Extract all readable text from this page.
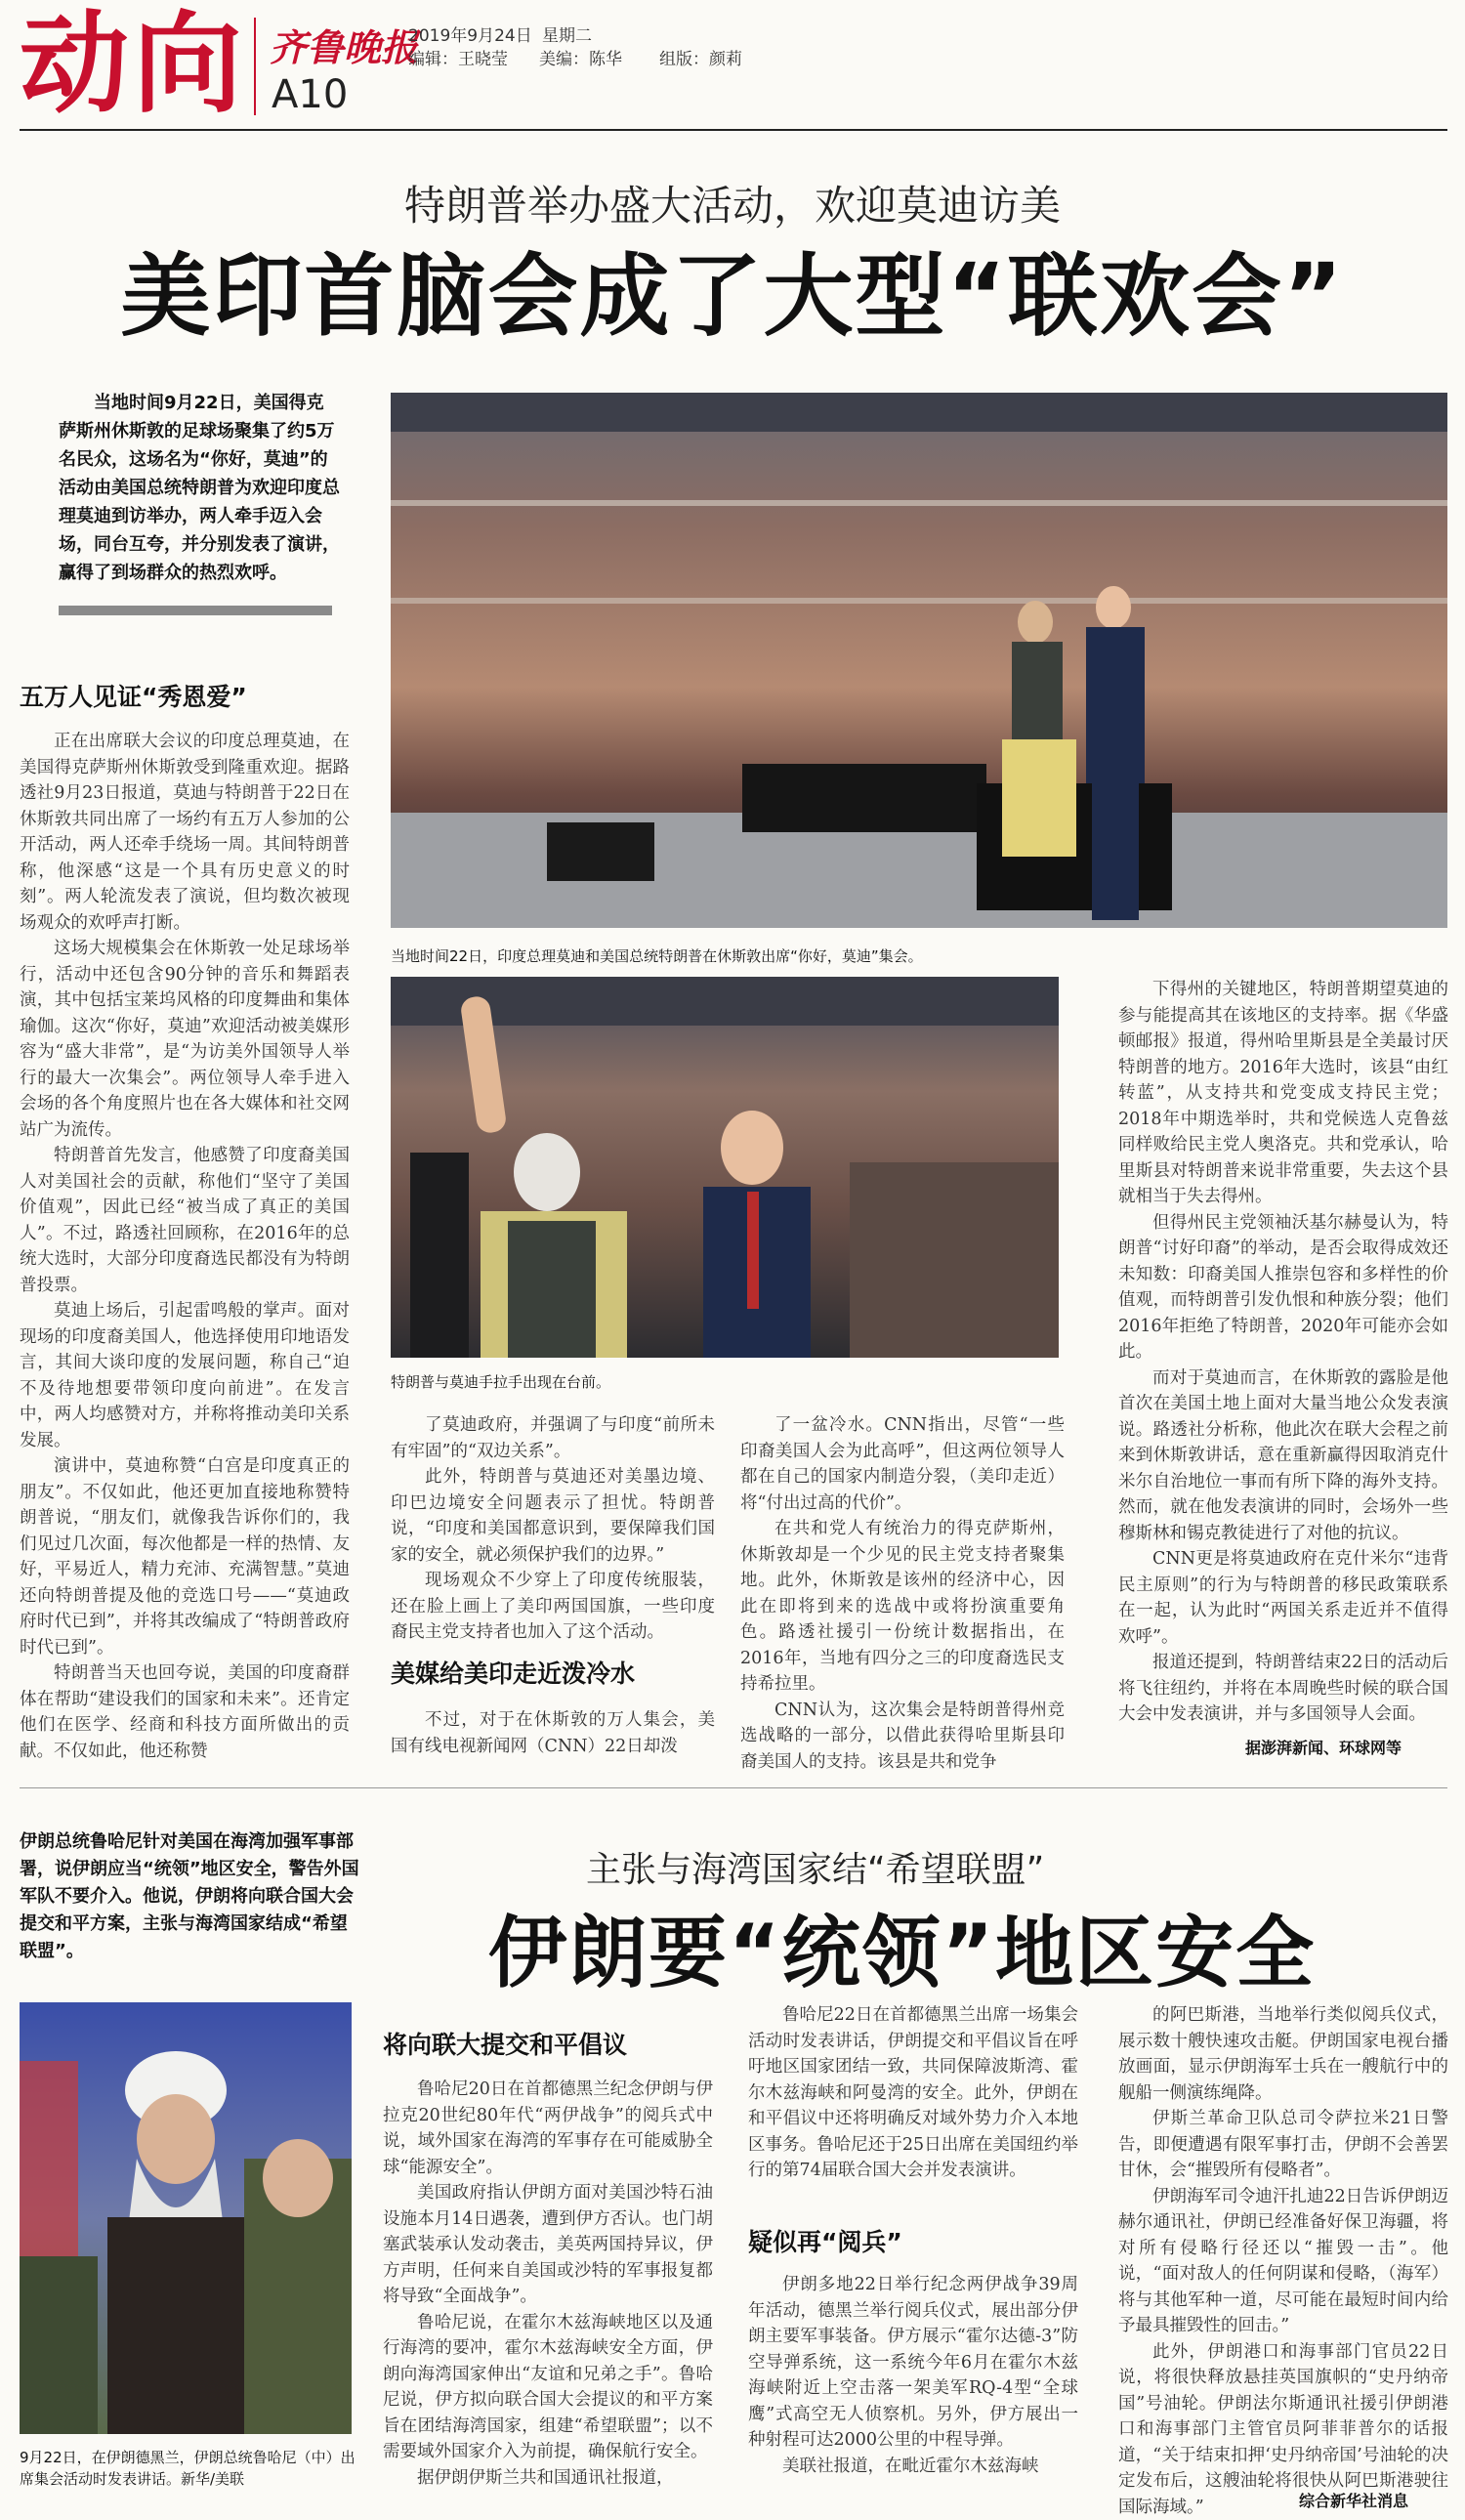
动向 齐鲁晚报
2019年9月24日 星期二
编辑：王晓莹 美编：陈华 组版：颜莉
A10
特朗普举办盛大活动，欢迎莫迪访美
美印首脑会成了大型“联欢会”
当地时间9月22日，美国得克萨斯州休斯敦的足球场聚集了约5万名民众，这场名为“你好，莫迪”的活动由美国总统特朗普为欢迎印度总理莫迪到访举办，两人牵手迈入会场，同台互夸，并分别发表了演讲，赢得了到场群众的热烈欢呼。
当地时间22日，印度总理莫迪和美国总统特朗普在休斯敦出席“你好，莫迪”集会。
五万人见证“秀恩爱”

正在出席联大会议的印度总理莫迪，在美国得克萨斯州休斯敦受到隆重欢迎。据路透社9月23日报道，莫迪与特朗普于22日在休斯敦共同出席了一场约有五万人参加的公开活动，两人还牵手绕场一周。其间特朗普称，他深感“这是一个具有历史意义的时刻”。两人轮流发表了演说，但均数次被现场观众的欢呼声打断。

这场大规模集会在休斯敦一处足球场举行，活动中还包含90分钟的音乐和舞蹈表演，其中包括宝莱坞风格的印度舞曲和集体瑜伽。这次“你好，莫迪”欢迎活动被美媒形容为“盛大非常”，是“为访美外国领导人举行的最大一次集会”。两位领导人牵手进入会场的各个角度照片也在各大媒体和社交网站广为流传。

特朗普首先发言，他感赞了印度裔美国人对美国社会的贡献，称他们“坚守了美国价值观”，因此已经“被当成了真正的美国人”。不过，路透社回顾称，在2016年的总统大选时，大部分印度裔选民都没有为特朗普投票。

莫迪上场后，引起雷鸣般的掌声。面对现场的印度裔美国人，他选择使用印地语发言，其间大谈印度的发展问题，称自己“迫不及待地想要带领印度向前进”。在发言中，两人均感赞对方，并称将推动美印关系发展。

演讲中，莫迪称赞“白宫是印度真正的朋友”。不仅如此，他还更加直接地称赞特朗普说，“朋友们，就像我告诉你们的，我们见过几次面，每次他都是一样的热情、友好，平易近人，精力充沛、充满智慧。”莫迪还向特朗普提及他的竞选口号——“莫迪政府时代已到”，并将其改编成了“特朗普政府时代已到”。

特朗普当天也回夸说，美国的印度裔群体在帮助“建设我们的国家和未来”。还肯定他们在医学、经商和科技方面所做出的贡献。不仅如此，他还称赞

特朗普与莫迪手拉手出现在台前。

了莫迪政府，并强调了与印度“前所未有牢固”的“双边关系”。

此外，特朗普与莫迪还对美墨边境、印巴边境安全问题表示了担忧。特朗普说，“印度和美国都意识到，要保障我们国家的安全，就必须保护我们的边界。”

现场观众不少穿上了印度传统服装，还在脸上画上了美印两国国旗，一些印度裔民主党支持者也加入了这个活动。

美媒给美印走近泼冷水

不过，对于在休斯敦的万人集会，美国有线电视新闻网（CNN）22日却泼

了一盆冷水。CNN指出，尽管“一些印裔美国人会为此高呼”，但这两位领导人都在自己的国家内制造分裂，（美印走近）将“付出过高的代价”。

在共和党人有统治力的得克萨斯州，休斯敦却是一个少见的民主党支持者聚集地。此外，休斯敦是该州的经济中心，因此在即将到来的选战中或将扮演重要角色。路透社援引一份统计数据指出，在2016年，当地有四分之三的印度裔选民支持希拉里。

CNN认为，这次集会是特朗普得州竞选战略的一部分，以借此获得哈里斯县印裔美国人的支持。该县是共和党争

下得州的关键地区，特朗普期望莫迪的参与能提高其在该地区的支持率。据《华盛顿邮报》报道，得州哈里斯县是全美最讨厌特朗普的地方。2016年大选时，该县“由红转蓝”，从支持共和党变成支持民主党；2018年中期选举时，共和党候选人克鲁兹同样败给民主党人奥洛克。共和党承认，哈里斯县对特朗普来说非常重要，失去这个县就相当于失去得州。

但得州民主党领袖沃基尔赫曼认为，特朗普“讨好印裔”的举动，是否会取得成效还未知数：印裔美国人推崇包容和多样性的价值观，而特朗普引发仇恨和种族分裂；他们2016年拒绝了特朗普，2020年可能亦会如此。

而对于莫迪而言，在休斯敦的露脸是他首次在美国土地上面对大量当地公众发表演说。路透社分析称，他此次在联大会程之前来到休斯敦讲话，意在重新赢得因取消克什米尔自治地位一事而有所下降的海外支持。然而，就在他发表演讲的同时，会场外一些穆斯林和锡克教徒进行了对他的抗议。

CNN更是将莫迪政府在克什米尔“违背民主原则”的行为与特朗普的移民政策联系在一起，认为此时“两国关系走近并不值得欢呼”。

报道还提到，特朗普结束22日的活动后将飞往纽约，并将在本周晚些时候的联合国大会中发表演讲，并与多国领导人会面。

据澎湃新闻、环球网等
伊朗总统鲁哈尼针对美国在海湾加强军事部署，说伊朗应当“统领”地区安全，警告外国军队不要介入。他说，伊朗将向联合国大会提交和平方案，主张与海湾国家结成“希望联盟”。
主张与海湾国家结“希望联盟”
伊朗要“统领”地区安全
9月22日，在伊朗德黑兰，伊朗总统鲁哈尼（中）出席集会活动时发表讲话。新华/美联
将向联大提交和平倡议

鲁哈尼20日在首都德黑兰纪念伊朗与伊拉克20世纪80年代“两伊战争”的阅兵式中说，域外国家在海湾的军事存在可能威胁全球“能源安全”。

美国政府指认伊朗方面对美国沙特石油设施本月14日遇袭，遭到伊方否认。也门胡塞武装承认发动袭击，美英两国持异议，伊方声明，任何来自美国或沙特的军事报复都将导致“全面战争”。

鲁哈尼说，在霍尔木兹海峡地区以及通行海湾的要冲，霍尔木兹海峡安全方面，伊朗向海湾国家伸出“友谊和兄弟之手”。鲁哈尼说，伊方拟向联合国大会提议的和平方案旨在团结海湾国家，组建“希望联盟”；以不需要域外国家介入为前提，确保航行安全。

据伊朗伊斯兰共和国通讯社报道，

鲁哈尼22日在首都德黑兰出席一场集会活动时发表讲话，伊朗提交和平倡议旨在呼吁地区国家团结一致，共同保障波斯湾、霍尔木兹海峡和阿曼湾的安全。此外，伊朗在和平倡议中还将明确反对域外势力介入本地区事务。鲁哈尼还于25日出席在美国纽约举行的第74届联合国大会并发表演讲。

疑似再“阅兵”

伊朗多地22日举行纪念两伊战争39周年活动，德黑兰举行阅兵仪式，展出部分伊朗主要军事装备。伊方展示“霍尔达德-3”防空导弹系统，这一系统今年6月在霍尔木兹海峡附近上空击落一架美军RQ-4型“全球鹰”式高空无人侦察机。另外，伊方展出一种射程可达2000公里的中程导弹。

美联社报道，在毗近霍尔木兹海峡

的阿巴斯港，当地举行类似阅兵仪式，展示数十艘快速攻击艇。伊朗国家电视台播放画面，显示伊朗海军士兵在一艘航行中的舰船一侧演练绳降。

伊斯兰革命卫队总司令萨拉米21日警告，即便遭遇有限军事打击，伊朗不会善罢甘休，会“摧毁所有侵略者”。

伊朗海军司令迪汗扎迪22日告诉伊朗迈赫尔通讯社，伊朗已经准备好保卫海疆，将对所有侵略行径还以“摧毁一击”。他说，“面对敌人的任何阴谋和侵略，（海军）将与其他军种一道，尽可能在最短时间内给予最具摧毁性的回击。”

此外，伊朗港口和海事部门官员22日说，将很快释放悬挂英国旗帜的“史丹纳帝国”号油轮。伊朗法尔斯通讯社援引伊朗港口和海事部门主管官员阿菲菲普尔的话报道，“关于结束扣押‘史丹纳帝国’号油轮的决定发布后，这艘油轮将很快从阿巴斯港驶往国际海域。”	综合新华社消息
